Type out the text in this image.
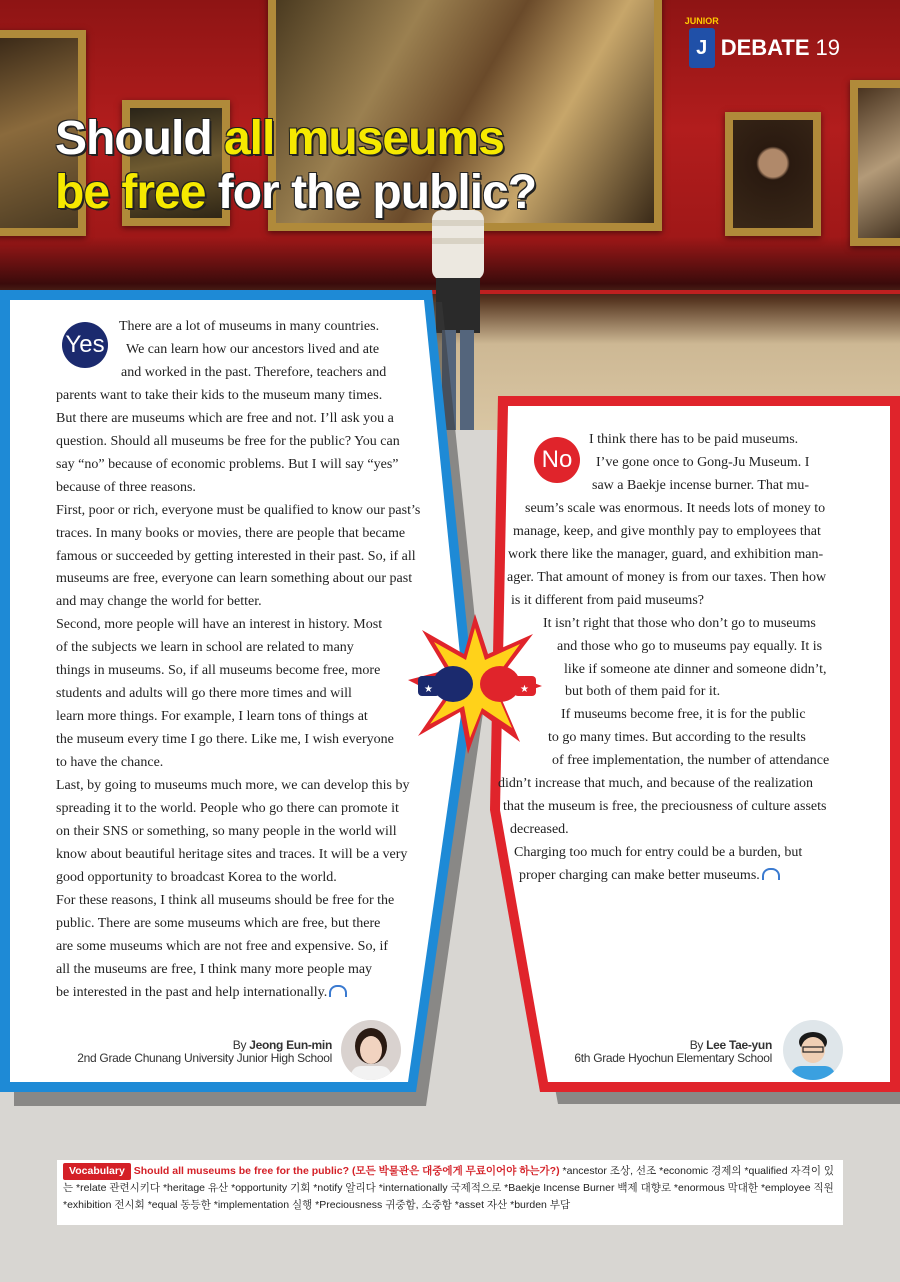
JUNIOR
J DEBATE 19
Should all museums
be free for the public?
Yes
There are a lot of museums in many countries.
We can learn how our ancestors lived and ate
and worked in the past. Therefore, teachers and
parents want to take their kids to the museum many times.
But there are museums which are free and not. I’ll ask you a
question. Should all museums be free for the public? You can
say “no” because of economic problems. But I will say “yes”
because of three reasons.
First, poor or rich, everyone must be qualified to know our past’s
traces. In many books or movies, there are people that became
famous or succeeded by getting interested in their past. So, if all
museums are free, everyone can learn something about our past
and may change the world for better.
Second, more people will have an interest in history. Most
of the subjects we learn in school are related to many
things in museums. So, if all museums become free, more
students and adults will go there more times and will
learn more things. For example, I learn tons of things at
the museum every time I go there. Like me, I wish everyone
to have the chance.
Last, by going to museums much more, we can develop this by
spreading it to the world. People who go there can promote it
on their SNS or something, so many people in the world will
know about beautiful heritage sites and traces. It will be a very
good opportunity to broadcast Korea to the world.
For these reasons, I think all museums should be free for the
public. There are some museums which are free, but there
are some museums which are not free and expensive. So, if
all the museums are free, I think many more people may
be interested in the past and help internationally.
No
I think there has to be paid museums.
I’ve gone once to Gong-Ju Museum. I
saw a Baekje incense burner. That mu-
seum’s scale was enormous. It needs lots of money to
manage, keep, and give monthly pay to employees that
work there like the manager, guard, and exhibition man-
ager. That amount of money is from our taxes. Then how
is it different from paid museums?
It isn’t right that those who don’t go to museums
and those who go to museums pay equally. It is
like if someone ate dinner and someone didn’t,
but both of them paid for it.
If museums become free, it is for the public
to go many times. But according to the results
of free implementation, the number of attendance
didn’t increase that much, and because of the realization
that the museum is free, the preciousness of culture assets
decreased.
Charging too much for entry could be a burden, but
proper charging can make better museums.
★	★
By Jeong Eun-min
2nd Grade Chunang University Junior High School
By Lee Tae-yun
6th Grade Hyochun Elementary School
Vocabulary Should all museums be free for the public? (모든 박물관은 대중에게 무료이어야 하는가?) *ancestor 조상, 선조 *economic 경제의 *qualified 자격이 있는 *relate 관련시키다 *heritage 유산 *opportunity 기회 *notify 알리다 *internationally 국제적으로 *Baekje Incense Burner 백제 대향로 *enormous 막대한 *employee 직원 *exhibition 전시회 *equal 동등한 *implementation 실행 *Preciousness 귀중함, 소중함 *asset 자산 *burden 부담
